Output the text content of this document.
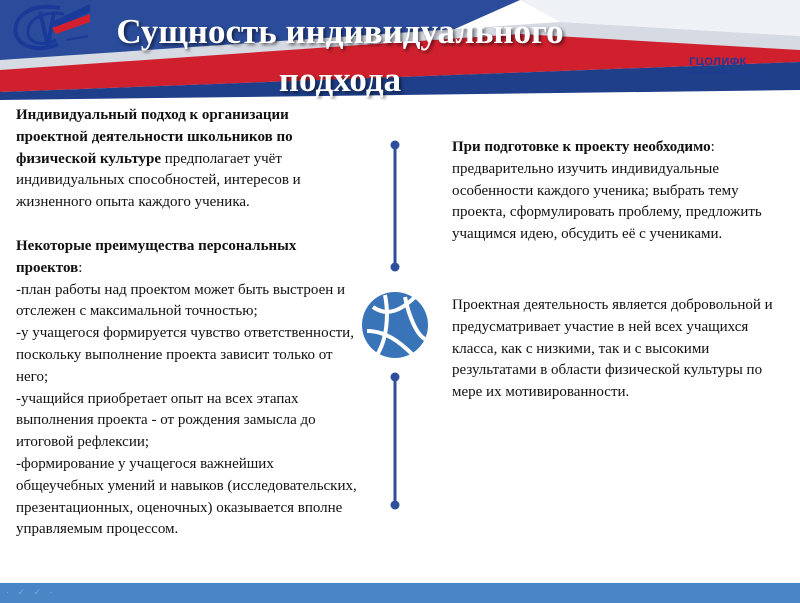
Сущность индивидуального
подхода	ГЦОЛИФК
РОССИЙСКИЙ УНИВЕРСИТЕТ СПОРТА

Индивидуальный подход к организации проектной деятельности школьников по физической культуре предполагает учёт индивидуальных способностей, интересов и жизненного опыта каждого ученика.

Некоторые преимущества персональных проектов:

-план работы над проектом может быть выстроен и отслежен с максимальной точностью;

-у учащегося формируется чувство ответственности, поскольку выполнение проекта зависит только от него;

-учащийся приобретает опыт на всех этапах выполнения проекта - от рождения замысла до итоговой рефлексии;

-формирование у учащегося важнейших общеучебных умений и навыков (исследовательских, презентационных, оценочных) оказывается вполне управляемым процессом.

При подготовке к проекту необходимо: предварительно изучить индивидуальные особенности каждого ученика; выбрать тему проекта, сформулировать проблему, предложить учащимся идею, обсудить её с учениками.

Проектная деятельность является добровольной и предусматривает участие в ней всех учащихся класса, как с низкими, так и с высокими результатами в области физической культуры по мере их мотивированности.

· ✓ ✓ ·
